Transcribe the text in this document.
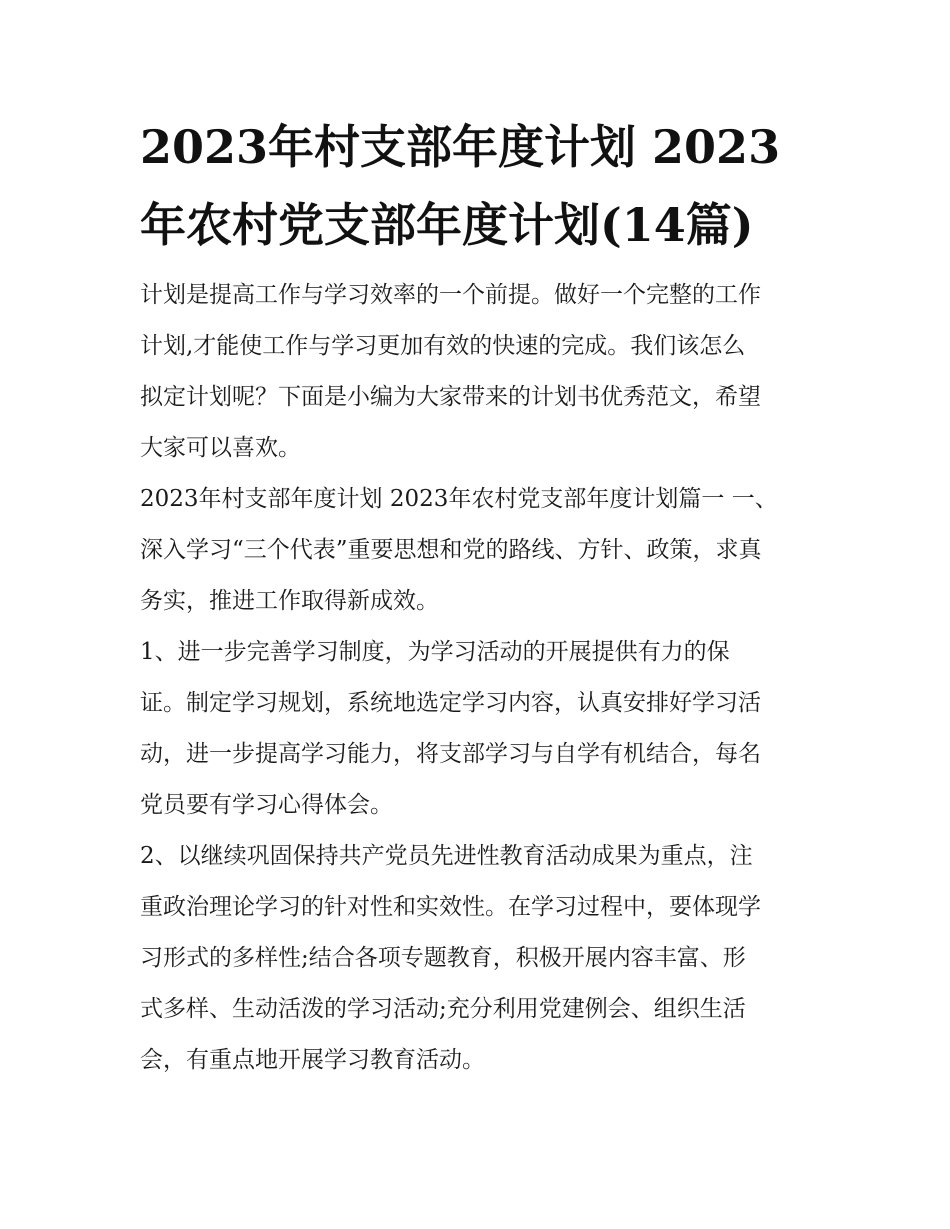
2023年村支部年度计划 2023
年农村党支部年度计划(14篇)

计划是提高工作与学习效率的一个前提。做好一个完整的工作
计划,才能使工作与学习更加有效的快速的完成。我们该怎么
拟定计划呢？下面是小编为大家带来的计划书优秀范文，希望
大家可以喜欢。

2023年村支部年度计划 2023年农村党支部年度计划篇一 一、
深入学习“三个代表”重要思想和党的路线、方针、政策，求真
务实，推进工作取得新成效。

1、进一步完善学习制度，为学习活动的开展提供有力的保
证。制定学习规划，系统地选定学习内容，认真安排好学习活
动，进一步提高学习能力，将支部学习与自学有机结合，每名
党员要有学习心得体会。

2、以继续巩固保持共产党员先进性教育活动成果为重点，注
重政治理论学习的针对性和实效性。在学习过程中，要体现学
习形式的多样性;结合各项专题教育，积极开展内容丰富、形
式多样、生动活泼的学习活动;充分利用党建例会、组织生活
会，有重点地开展学习教育活动。
